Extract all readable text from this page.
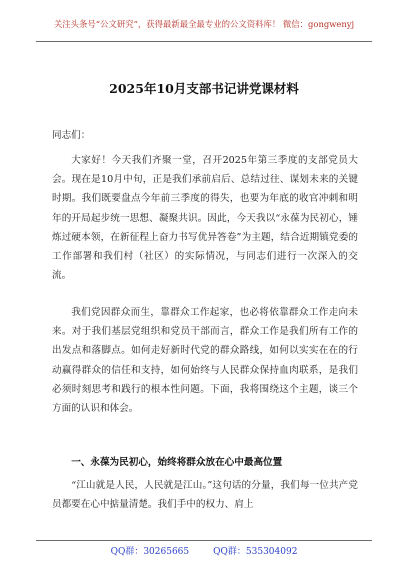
关注头条号“公文研究”，获得最新最全最专业的公文资料库！ 微信：gongwenyj
2025年10月支部书记讲党课材料
同志们：
大家好！今天我们齐聚一堂，召开2025年第三季度的支部党员大会。现在是10月中旬，正是我们承前启后、总结过往、谋划未来的关键时期。我们既要盘点今年前三季度的得失，也要为年底的收官冲刺和明年的开局起步统一思想、凝聚共识。因此，今天我以“永葆为民初心，锤炼过硬本领，在新征程上奋力书写优异答卷”为主题，结合近期镇党委的工作部署和我们村（社区）的实际情况，与同志们进行一次深入的交流。
我们党因群众而生，靠群众工作起家，也必将依靠群众工作走向未来。对于我们基层党组织和党员干部而言，群众工作是我们所有工作的出发点和落脚点。如何走好新时代党的群众路线，如何以实实在在的行动赢得群众的信任和支持，如何始终与人民群众保持血肉联系，是我们必须时刻思考和践行的根本性问题。下面，我将围绕这个主题，谈三个方面的认识和体会。
一、永葆为民初心，始终将群众放在心中最高位置
“江山就是人民，人民就是江山。”这句话的分量，我们每一位共产党员都要在心中掂量清楚。我们手中的权力、肩上
QQ群：30265665	QQ群：535304092
